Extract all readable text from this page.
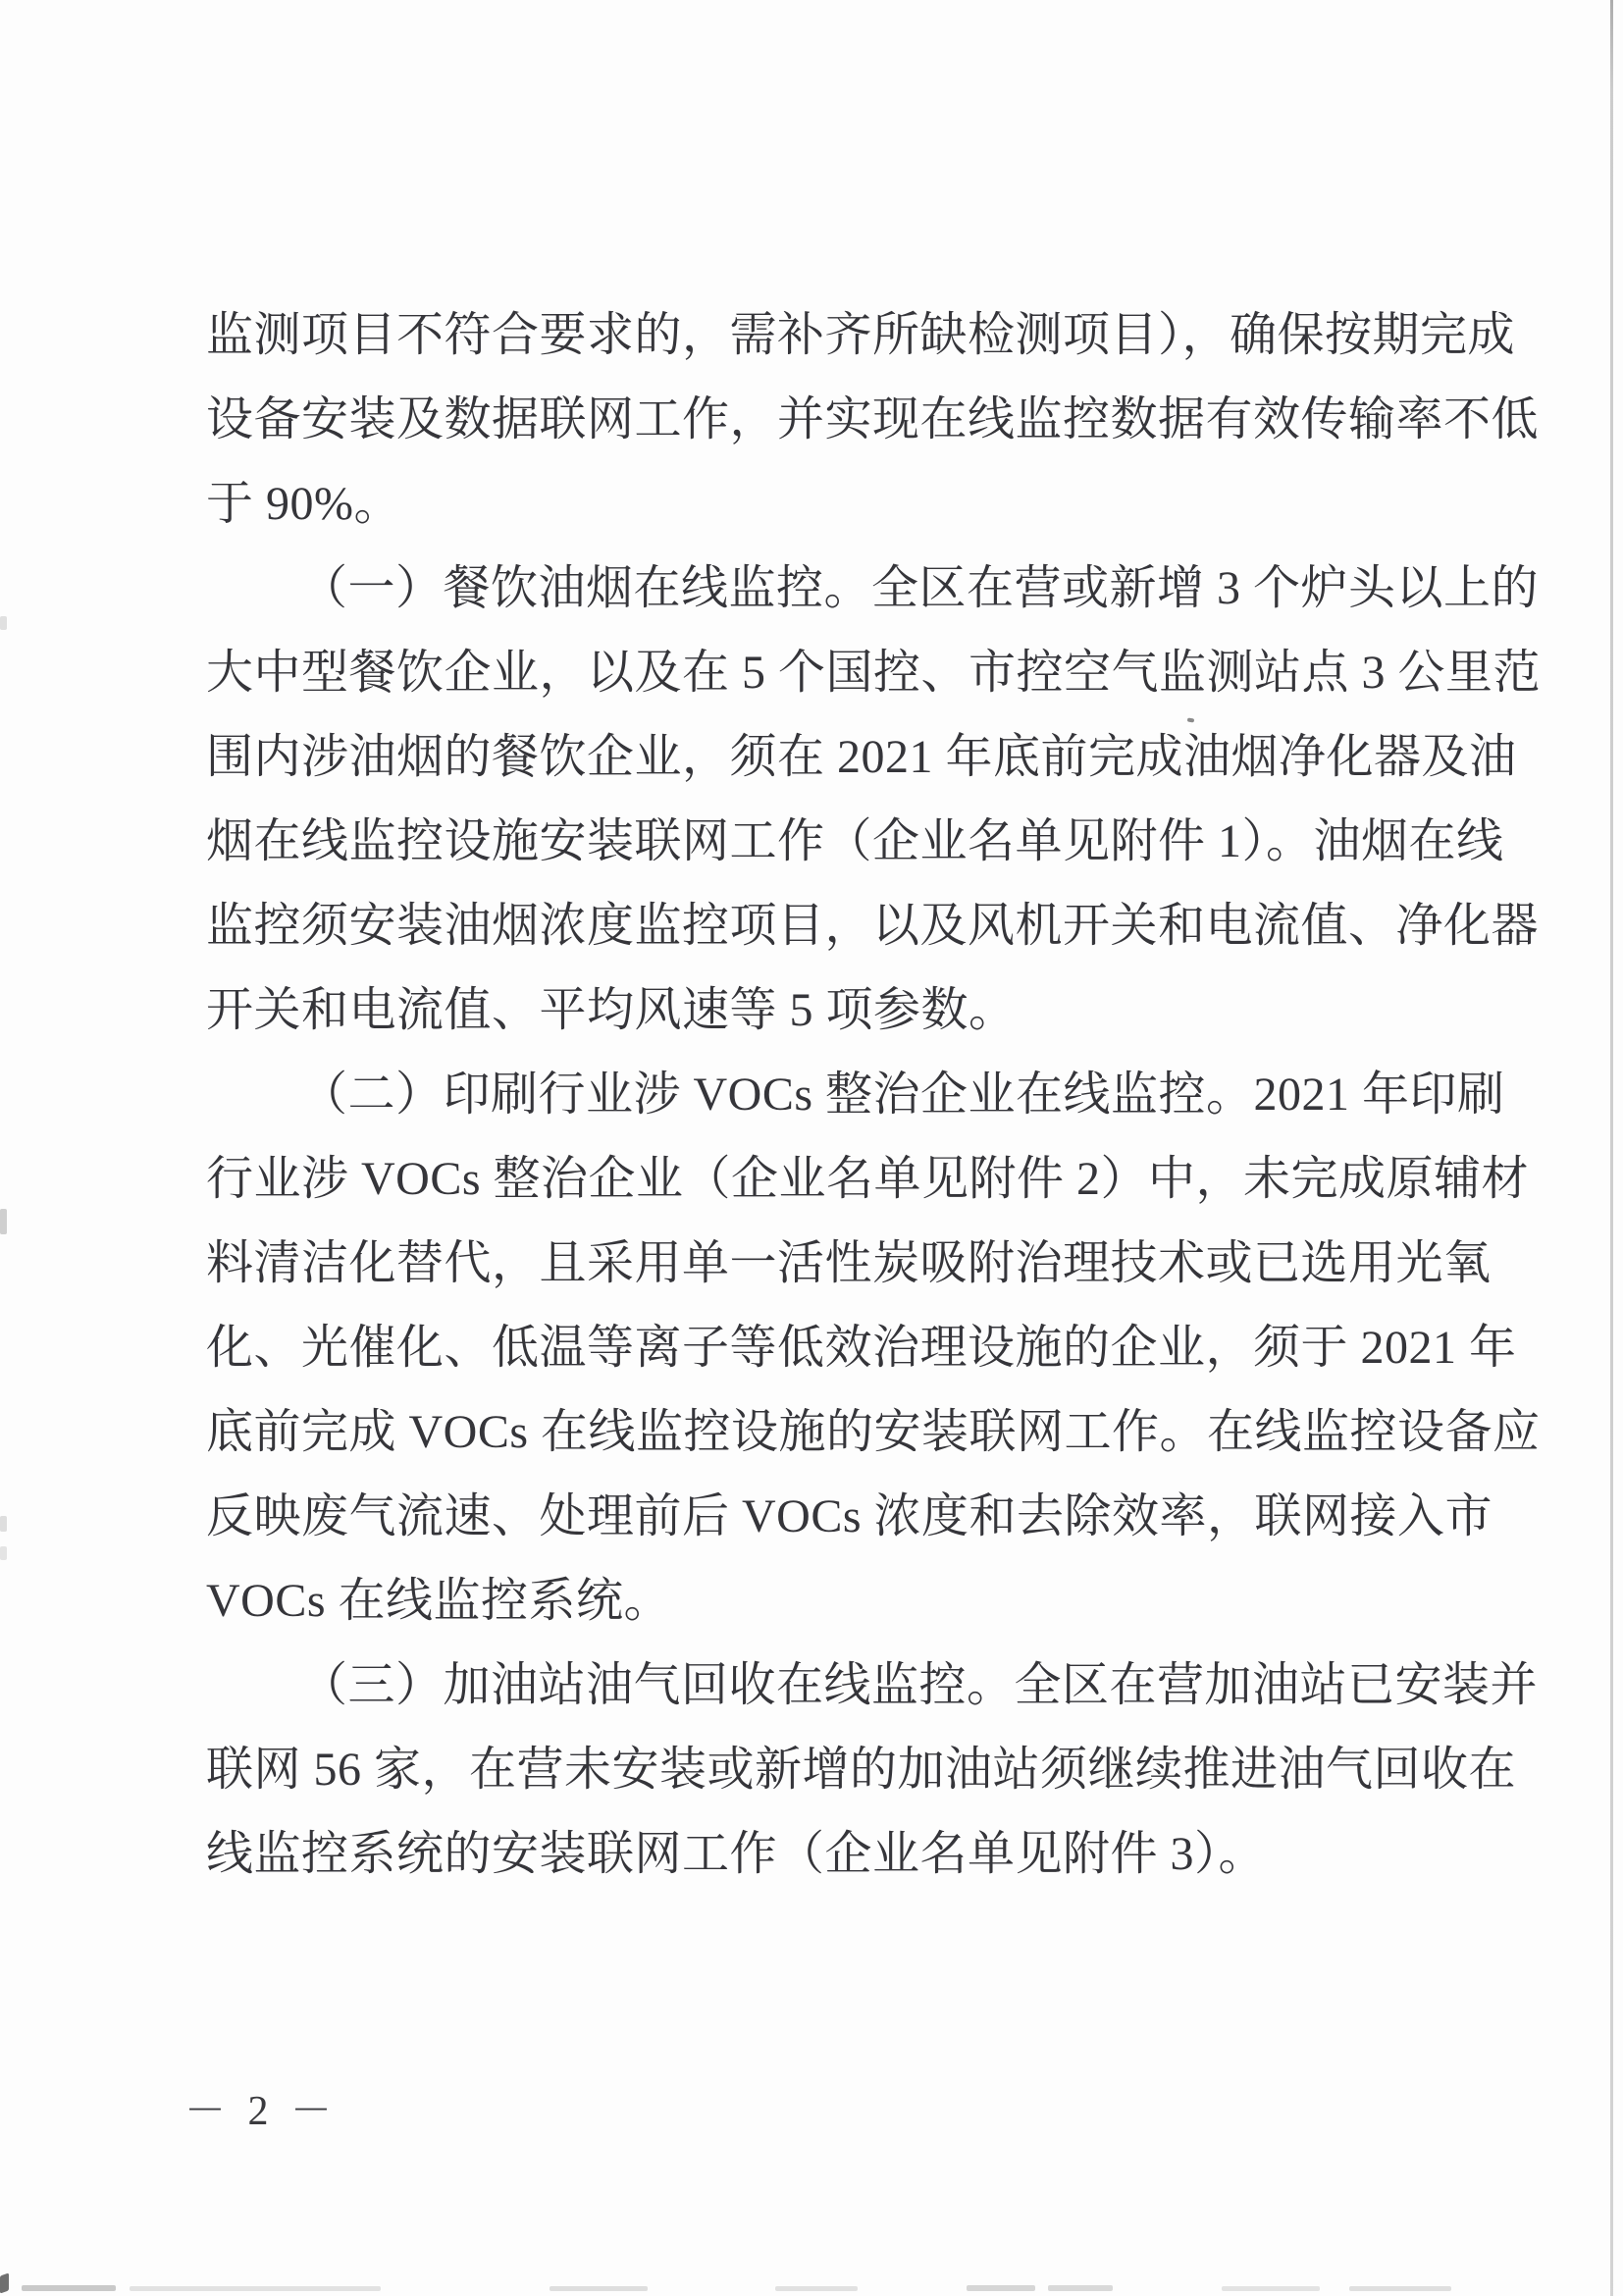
监测项目不符合要求的，需补齐所缺检测项目），确保按期完成
设备安装及数据联网工作，并实现在线监控数据有效传输率不低
于 90%。
（一）餐饮油烟在线监控。全区在营或新增 3 个炉头以上的
大中型餐饮企业，以及在 5 个国控、市控空气监测站点 3 公里范
围内涉油烟的餐饮企业，须在 2021 年底前完成油烟净化器及油
烟在线监控设施安装联网工作（企业名单见附件 1）。油烟在线
监控须安装油烟浓度监控项目，以及风机开关和电流值、净化器
开关和电流值、平均风速等 5 项参数。
（二）印刷行业涉 VOCs 整治企业在线监控。2021 年印刷
行业涉 VOCs 整治企业（企业名单见附件 2）中，未完成原辅材
料清洁化替代，且采用单一活性炭吸附治理技术或已选用光氧
化、光催化、低温等离子等低效治理设施的企业，须于 2021 年
底前完成 VOCs 在线监控设施的安装联网工作。在线监控设备应
反映废气流速、处理前后 VOCs 浓度和去除效率，联网接入市
VOCs 在线监控系统。
（三）加油站油气回收在线监控。全区在营加油站已安装并
联网 56 家，在营未安装或新增的加油站须继续推进油气回收在
线监控系统的安装联网工作（企业名单见附件 3）。
－ 2 －
